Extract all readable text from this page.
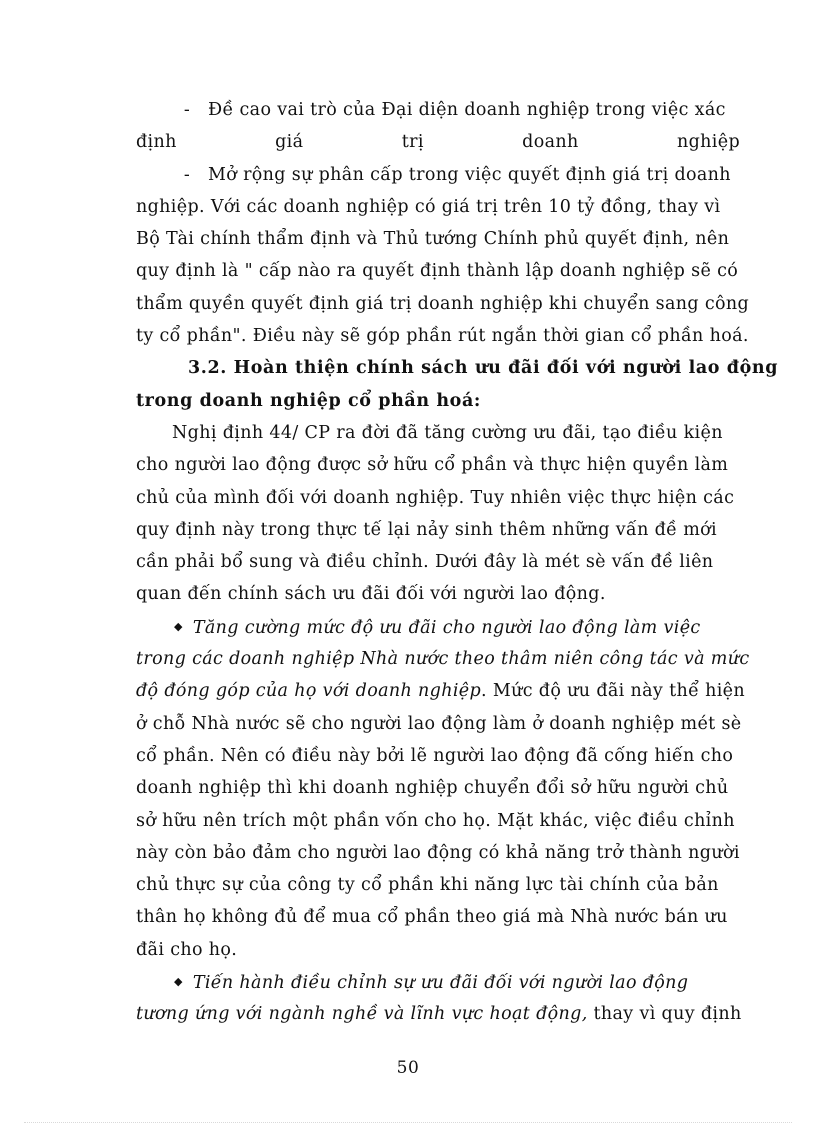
- Đề cao vai trò của Đại diện doanh nghiệp trong việc xác
định giá trị doanh nghiệp
- Mở rộng sự phân cấp trong việc quyết định giá trị doanh
nghiệp. Với các doanh nghiệp có giá trị trên 10 tỷ đồng, thay vì
Bộ Tài chính thẩm định và Thủ tướng Chính phủ quyết định, nên
quy định là " cấp nào ra quyết định thành lập doanh nghiệp sẽ có
thẩm quyền quyết định giá trị doanh nghiệp khi chuyển sang công
ty cổ phần". Điều này sẽ góp phần rút ngắn thời gian cổ phần hoá.
3.2. Hoàn thiện chính sách ưu đãi đối với người lao động
trong doanh nghiệp cổ phần hoá:
Nghị định 44/ CP ra đời đã tăng cường ưu đãi, tạo điều kiện
cho người lao động được sở hữu cổ phần và thực hiện quyền làm
chủ của mình đối với doanh nghiệp. Tuy nhiên việc thực hiện các
quy định này trong thực tế lại nảy sinh thêm những vấn đề mới
cần phải bổ sung và điều chỉnh. Dưới đây là mét sè vấn đề liên
quan đến chính sách ưu đãi đối với người lao động.
◆ Tăng cường mức độ ưu đãi cho người lao động làm việc
trong các doanh nghiệp Nhà nước theo thâm niên công tác và mức
độ đóng góp của họ với doanh nghiệp. Mức độ ưu đãi này thể hiện
ở chỗ Nhà nước sẽ cho người lao động làm ở doanh nghiệp mét sè
cổ phần. Nên có điều này bởi lẽ người lao động đã cống hiến cho
doanh nghiệp thì khi doanh nghiệp chuyển đổi sở hữu người chủ
sở hữu nên trích một phần vốn cho họ. Mặt khác, việc điều chỉnh
này còn bảo đảm cho người lao động có khả năng trở thành người
chủ thực sự của công ty cổ phần khi năng lực tài chính của bản
thân họ không đủ để mua cổ phần theo giá mà Nhà nước bán ưu
đãi cho họ.
◆ Tiến hành điều chỉnh sự ưu đãi đối với người lao động
tương ứng với ngành nghề và lĩnh vực hoạt động, thay vì quy định
50
